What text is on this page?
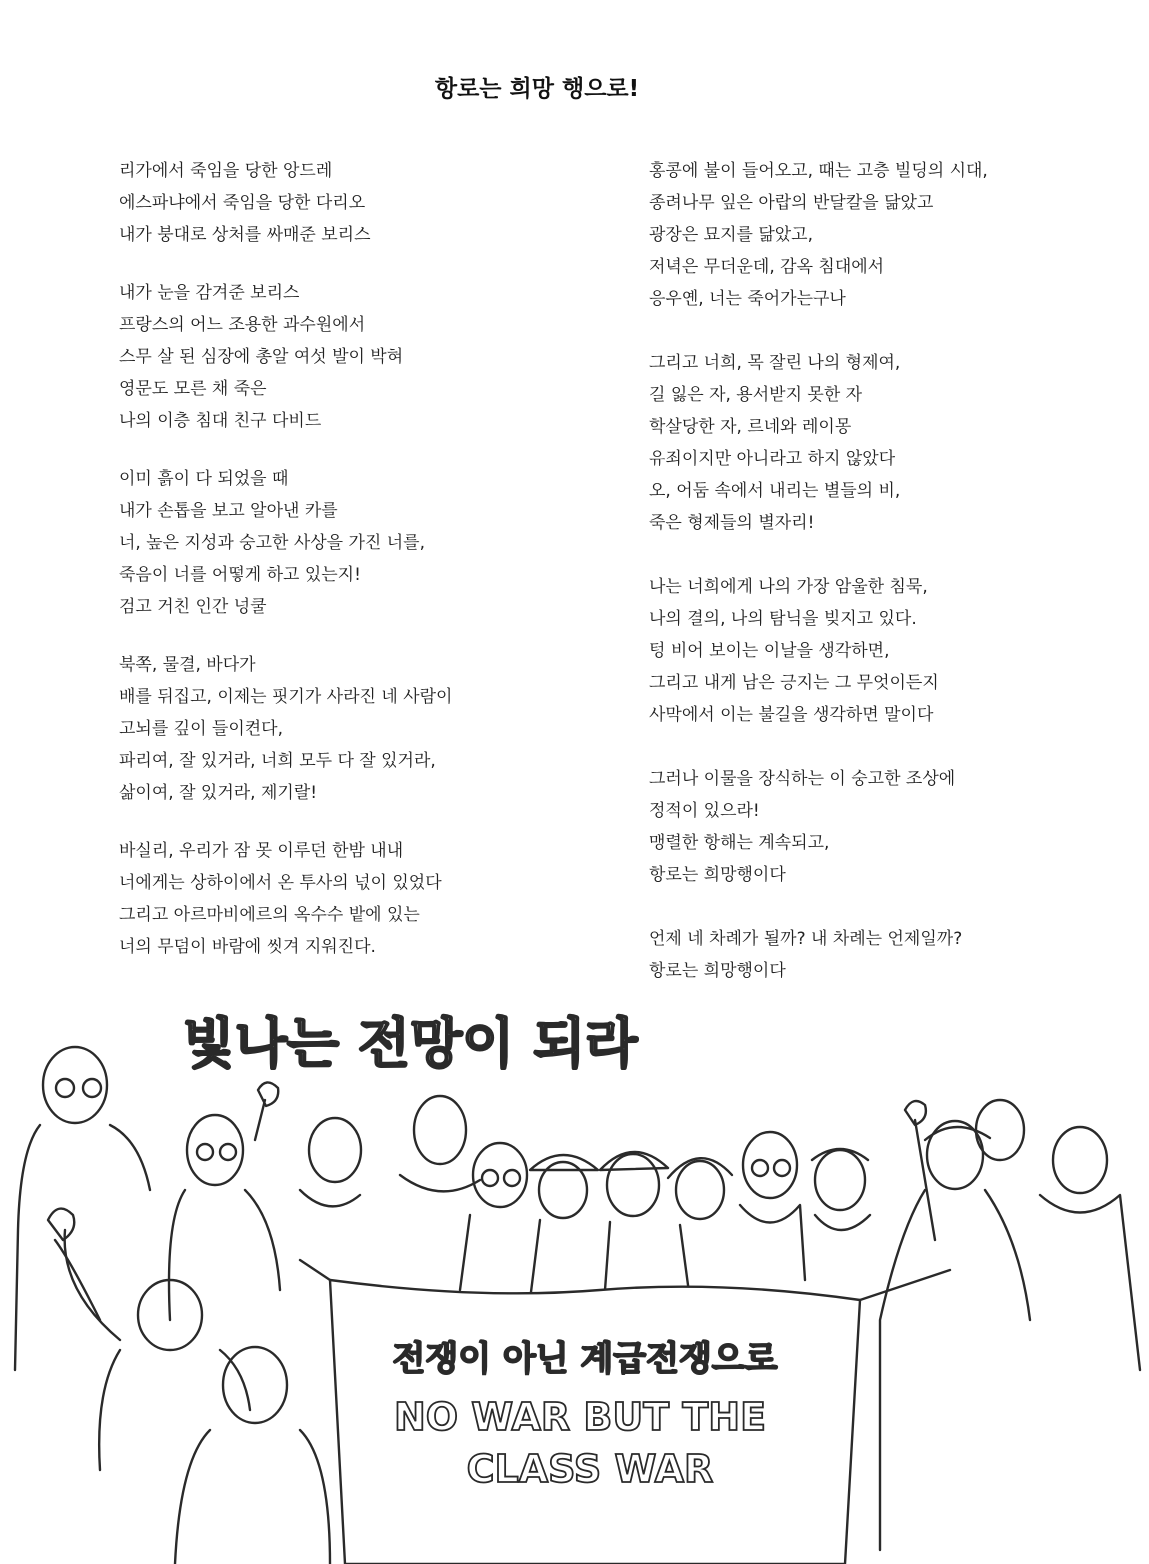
항로는 희망 행으로!

리가에서 죽임을 당한 앙드레
에스파냐에서 죽임을 당한 다리오
내가 붕대로 상처를 싸매준 보리스

내가 눈을 감겨준 보리스
프랑스의 어느 조용한 과수원에서
스무 살 된 심장에 총알 여섯 발이 박혀
영문도 모른 채 죽은
나의 이층 침대 친구 다비드

이미 흙이 다 되었을 때
내가 손톱을 보고 알아낸 카를
너, 높은 지성과 숭고한 사상을 가진 너를,
죽음이 너를 어떻게 하고 있는지!
검고 거친 인간 넝쿨

북쪽, 물결, 바다가
배를 뒤집고, 이제는 핏기가 사라진 네 사람이
고뇌를 깊이 들이켠다,
파리여, 잘 있거라, 너희 모두 다 잘 있거라,
삶이여, 잘 있거라, 제기랄!

바실리, 우리가 잠 못 이루던 한밤 내내
너에게는 상하이에서 온 투사의 넋이 있었다
그리고 아르마비에르의 옥수수 밭에 있는
너의 무덤이 바람에 씻겨 지워진다.

홍콩에 불이 들어오고, 때는 고층 빌딩의 시대,
종려나무 잎은 아랍의 반달칼을 닮았고
광장은 묘지를 닮았고,
저녁은 무더운데, 감옥 침대에서
응우옌, 너는 죽어가는구나

그리고 너희, 목 잘린 나의 형제여,
길 잃은 자, 용서받지 못한 자
학살당한 자, 르네와 레이몽
유죄이지만 아니라고 하지 않았다
오, 어둠 속에서 내리는 별들의 비,
죽은 형제들의 별자리!

나는 너희에게 나의 가장 암울한 침묵,
나의 결의, 나의 탐닉을 빚지고 있다.
텅 비어 보이는 이날을 생각하면,
그리고 내게 남은 긍지는 그 무엇이든지
사막에서 이는 불길을 생각하면 말이다

그러나 이물을 장식하는 이 숭고한 조상에
정적이 있으라!
맹렬한 항해는 계속되고,
항로는 희망행이다

언제 네 차례가 될까? 내 차례는 언제일까?
항로는 희망행이다

빛나는 전망이 되라
전쟁이 아닌 계급전쟁으로
NO WAR BUT THE
CLASS WAR
